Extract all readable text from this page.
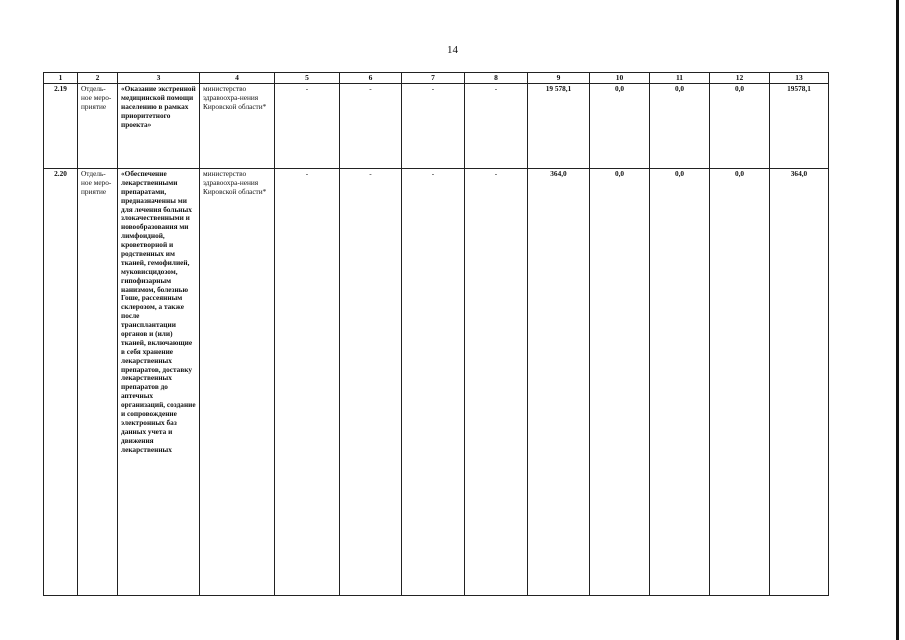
14
1	2	3	4	5	6	7	8	9	10	11	12	13
2.19	Отдель-ное меро-приятие	«Оказание экстренной медицинской помощи населению в рамках приоритетного проекта»	министерство здравоохра-нения Кировской области*	-	-	-	-	19 578,1	0,0	0,0	0,0	19578,1
2.20	Отдель-ное меро-приятие	«Обеспечение лекарственными препаратами, предназначенны ми для лечения больных злокачественными и новообразования ми лимфоидной, кроветворной и родственных им тканей, гемофилией, муковисцидозом, гипофизарным нанизмом, болезнью Гоше, рассеянным склерозом, а также после трансплантации органов и (или) тканей, включающие в себя хранение лекарственных препаратов, доставку лекарственных препаратов до аптечных организаций, создание и сопровождение электронных баз данных учета и движения лекарственных	министерство здравоохра-нения Кировской области*	-	-	-	-	364,0	0,0	0,0	0,0	364,0
